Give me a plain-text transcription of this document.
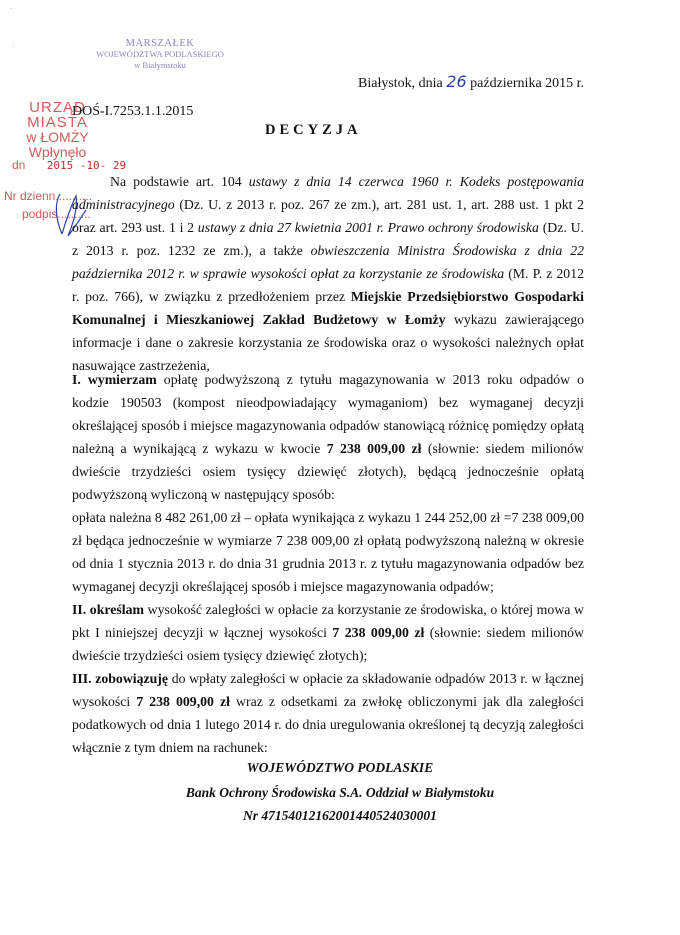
·
·	MARSZAŁEK
WOJEWÓDZTWA PODLASKIEGO
w Białymstoku
Białystok, dnia 26 października 2015 r.
URZĄD MIASTA
w ŁOMŻY
Wpłynęło
DOŚ-I.7253.1.1.2015
DECYZJA
dn 2015 -10- 29
Nr dzienn...........
podpis..........
Na podstawie art. 104 ustawy z dnia 14 czerwca 1960 r. Kodeks postępowania administracyjnego (Dz. U. z 2013 r. poz. 267 ze zm.), art. 281 ust. 1, art. 288 ust. 1 pkt 2 oraz art. 293 ust. 1 i 2 ustawy z dnia 27 kwietnia 2001 r. Prawo ochrony środowiska (Dz. U. z 2013 r. poz. 1232 ze zm.), a także obwieszczenia Ministra Środowiska z dnia 22 października 2012 r. w sprawie wysokości opłat za korzystanie ze środowiska (M. P. z 2012 r. poz. 766), w związku z przedłożeniem przez Miejskie Przedsiębiorstwo Gospodarki Komunalnej i Mieszkaniowej Zakład Budżetowy w Łomży wykazu zawierającego informacje i dane o zakresie korzystania ze środowiska oraz o wysokości należnych opłat nasuwające zastrzeżenia,

I. wymierzam opłatę podwyższoną z tytułu magazynowania w 2013 roku odpadów o kodzie 190503 (kompost nieodpowiadający wymaganiom) bez wymaganej decyzji określającej sposób i miejsce magazynowania odpadów stanowiącą różnicę pomiędzy opłatą należną a wynikającą z wykazu w kwocie 7 238 009,00 zł (słownie: siedem milionów dwieście trzydzieści osiem tysięcy dziewięć złotych), będącą jednocześnie opłatą podwyższoną wyliczoną w następujący sposób:

opłata należna 8 482 261,00 zł – opłata wynikająca z wykazu 1 244 252,00 zł =7 238 009,00 zł będąca jednocześnie w wymiarze 7 238 009,00 zł opłatą podwyższoną należną w okresie od dnia 1 stycznia 2013 r. do dnia 31 grudnia 2013 r. z tytułu magazynowania odpadów bez wymaganej decyzji określającej sposób i miejsce magazynowania odpadów;

II. określam wysokość zaległości w opłacie za korzystanie ze środowiska, o której mowa w pkt I niniejszej decyzji w łącznej wysokości 7 238 009,00 zł (słownie: siedem milionów dwieście trzydzieści osiem tysięcy dziewięć złotych);

III. zobowiązuję do wpłaty zaległości w opłacie za składowanie odpadów 2013 r. w łącznej wysokości 7 238 009,00 zł wraz z odsetkami za zwłokę obliczonymi jak dla zaległości podatkowych od dnia 1 lutego 2014 r. do dnia uregulowania określonej tą decyzją zaległości włącznie z tym dniem na rachunek:

WOJEWÓDZTWO PODLASKIE
Bank Ochrony Środowiska S.A. Oddział w Białymstoku
Nr 47154012162001440524030001
